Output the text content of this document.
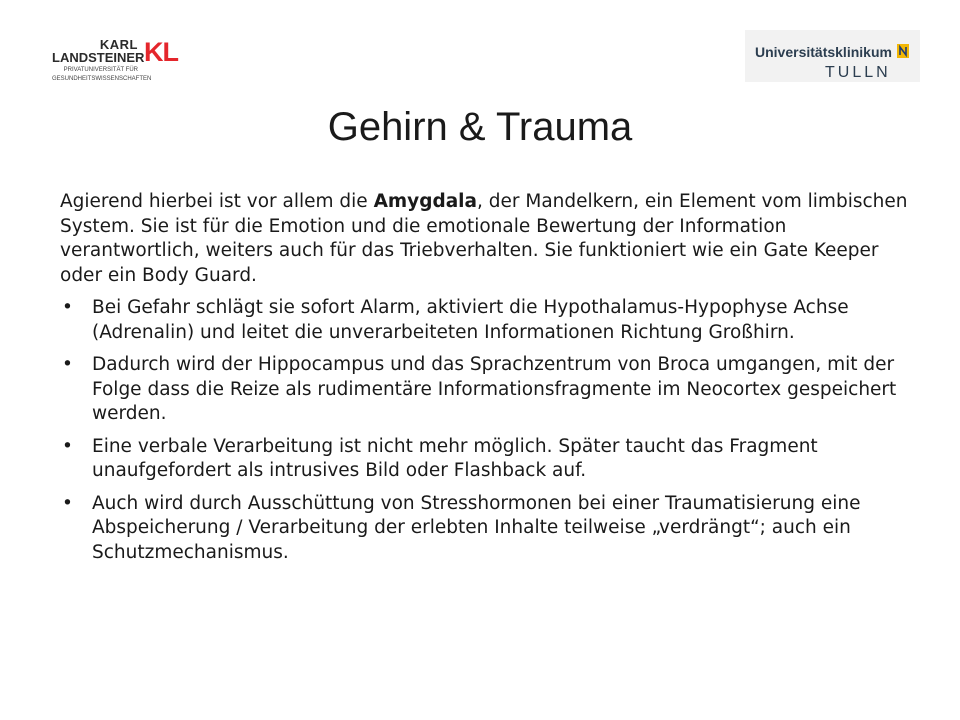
KARL
LANDSTEINER
PRIVATUNIVERSITÄT FÜR
GESUNDHEITSWISSENSCHAFTEN
KL	Universitätsklinikum
TULLN
Gehirn & Trauma

Agierend hierbei ist vor allem die Amygdala, der Mandelkern, ein Element vom limbischen System. Sie ist für die Emotion und die emotionale Bewertung der Information verantwortlich, weiters auch für das Triebverhalten. Sie funktioniert wie ein Gate Keeper oder ein Body Guard.

• Bei Gefahr schlägt sie sofort Alarm, aktiviert die Hypothalamus-Hypophyse Achse (Adrenalin) und leitet die unverarbeiteten Informationen Richtung Großhirn.
• Dadurch wird der Hippocampus und das Sprachzentrum von Broca umgangen, mit der Folge dass die Reize als rudimentäre Informationsfragmente im Neocortex gespeichert werden.
• Eine verbale Verarbeitung ist nicht mehr möglich. Später taucht das Fragment unaufgefordert als intrusives Bild oder Flashback auf.
• Auch wird durch Ausschüttung von Stresshormonen bei einer Traumatisierung eine Abspeicherung / Verarbeitung der erlebten Inhalte teilweise „verdrängt“; auch ein Schutzmechanismus.
